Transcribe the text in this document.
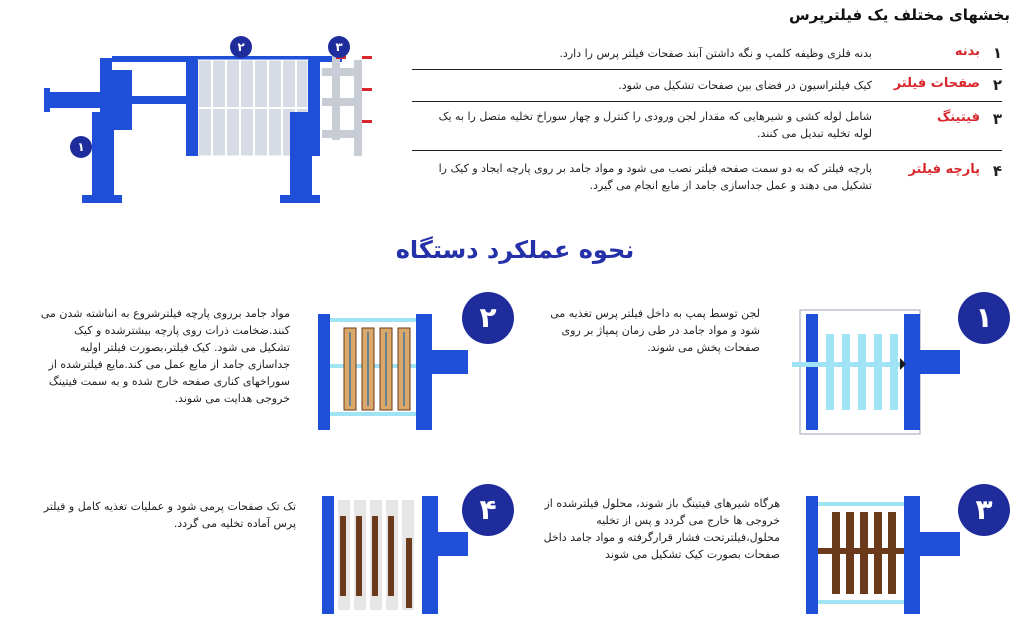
بخشهای مختلف یک فیلترپرس
۱
بدنه
بدنه فلزی وظیفه کلمپ و نگه داشتن آبند صفحات فیلتر پرس را دارد.
۲
صفحات فیلتر
کیک فیلتراسیون در فضای بین صفحات تشکیل می شود.
۳
فیتینگ
شامل لوله کشی و شیرهایی که مقدار لجن ورودی را کنترل و چهار سوراخ تخلیه متصل را به یک لوله تخلیه تبدیل می کنند.
۴
پارچه فیلتر
پارچه فیلتر که به دو سمت صفحه فیلتر نصب می شود و مواد جامد بر روی پارچه ایجاد و کیک را تشکیل می دهند و عمل جداسازی جامد از مایع انجام می گیرد.
۱
۲	۳
نحوه عملکرد دستگاه
۱
لجن توسط پمپ به داخل فیلتر پرس تغذیه می شود و مواد جامد در طی زمان پمپاژ بر روی صفحات پخش می شوند.
۲
مواد جامد برروی پارچه فیلترشروع به انباشته شدن می کنند.ضخامت ذرات روی پارچه بیشترشده و کیک تشکیل می شود. کیک فیلتر،بصورت فیلتر اولیه جداسازی جامد از مایع عمل می کند.مایع فیلترشده از سوراخهای کناری صفحه خارج شده و به سمت فیتینگ خروجی هدایت می شوند.
۳
هرگاه شیرهای فیتینگ باز شوند، محلول فیلترشده از خروجی ها خارج می گردد و پس از تخلیه محلول،فیلترتحت فشار قرارگرفته و مواد جامد داخل صفحات بصورت کیک تشکیل می شوند
۴
تک تک صفحات پرمی شود و عملیات تغذیه کامل و فیلتر پرس آماده تخلیه می گردد.
